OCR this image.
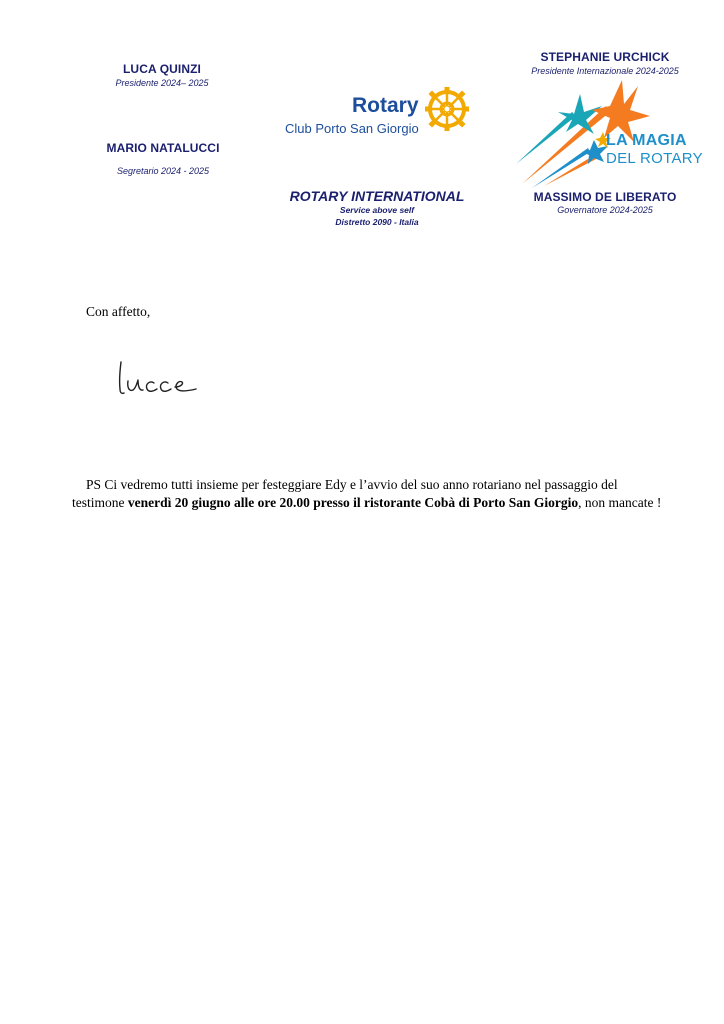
LUCA QUINZI
Presidente 2024– 2025
MARIO NATALUCCI
Segretario 2024 - 2025
Rotary
Club Porto San Giorgio
ROTARY INTERNATIONAL
Service above self
Distretto 2090 - Italia
STEPHANIE URCHICK
Presidente Internazionale 2024-2025
LA MAGIA
DEL ROTARY
MASSIMO DE LIBERATO
Governatore 2024-2025
Con affetto,
PS Ci vedremo tutti insieme per festeggiare Edy e l’avvio del suo anno rotariano nel passaggio del testimone venerdì 20 giugno alle ore 20.00 presso il ristorante Cobà di Porto San Giorgio, non mancate !
